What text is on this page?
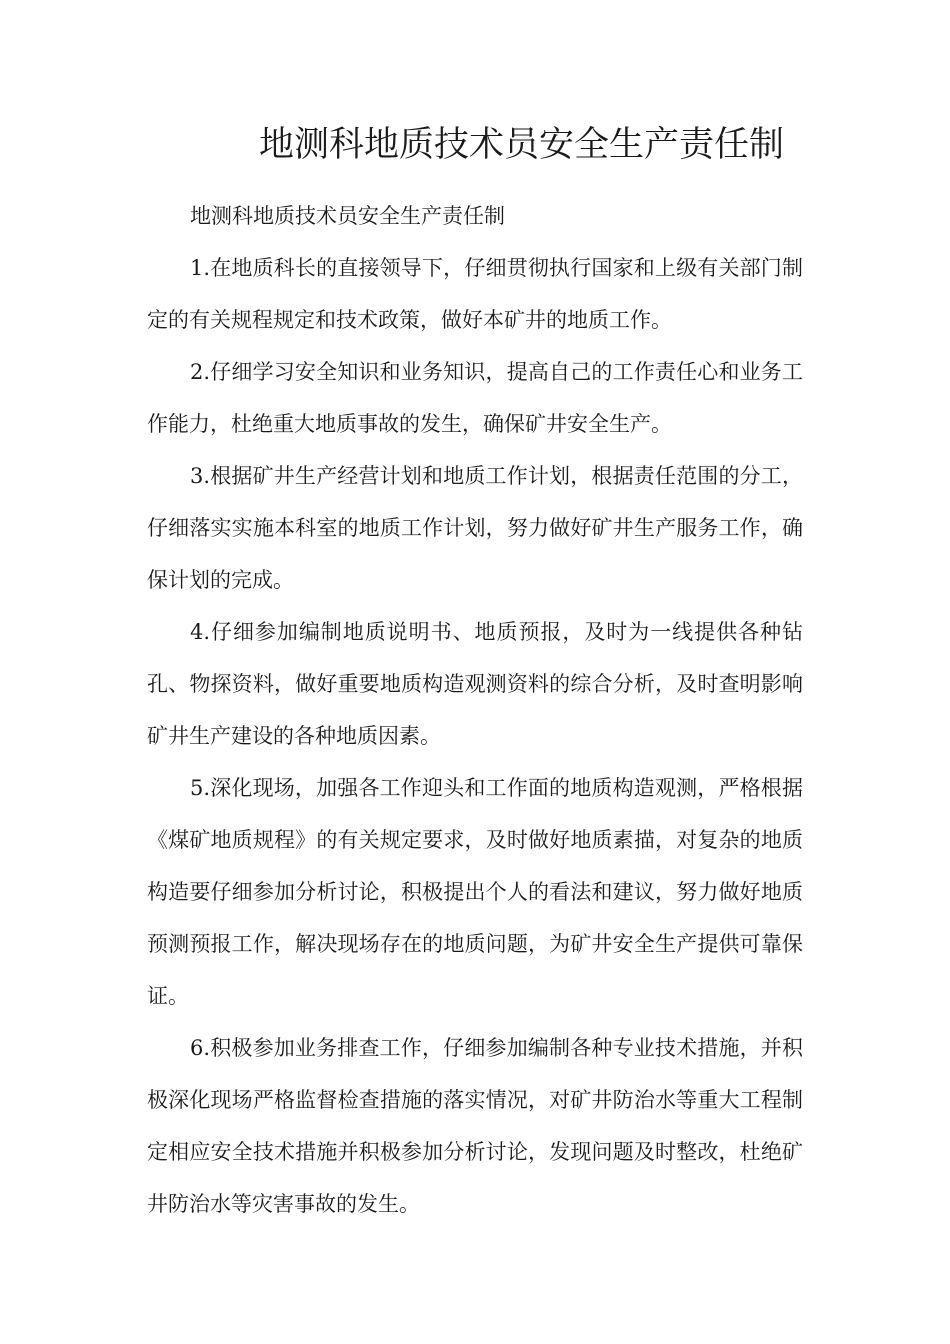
地测科地质技术员安全生产责任制

地测科地质技术员安全生产责任制

1.在地质科长的直接领导下，仔细贯彻执行国家和上级有关部门制定的有关规程规定和技术政策，做好本矿井的地质工作。

2.仔细学习安全知识和业务知识，提高自己的工作责任心和业务工作能力，杜绝重大地质事故的发生，确保矿井安全生产。

3.根据矿井生产经营计划和地质工作计划，根据责任范围的分工，仔细落实实施本科室的地质工作计划，努力做好矿井生产服务工作，确保计划的完成。

4.仔细参加编制地质说明书、地质预报，及时为一线提供各种钻孔、物探资料，做好重要地质构造观测资料的综合分析，及时查明影响矿井生产建设的各种地质因素。

5.深化现场，加强各工作迎头和工作面的地质构造观测，严格根据《煤矿地质规程》的有关规定要求，及时做好地质素描，对复杂的地质构造要仔细参加分析讨论，积极提出个人的看法和建议，努力做好地质预测预报工作，解决现场存在的地质问题，为矿井安全生产提供可靠保证。

6.积极参加业务排查工作，仔细参加编制各种专业技术措施，并积极深化现场严格监督检查措施的落实情况，对矿井防治水等重大工程制定相应安全技术措施并积极参加分析讨论，发现问题及时整改，杜绝矿井防治水等灾害事故的发生。
